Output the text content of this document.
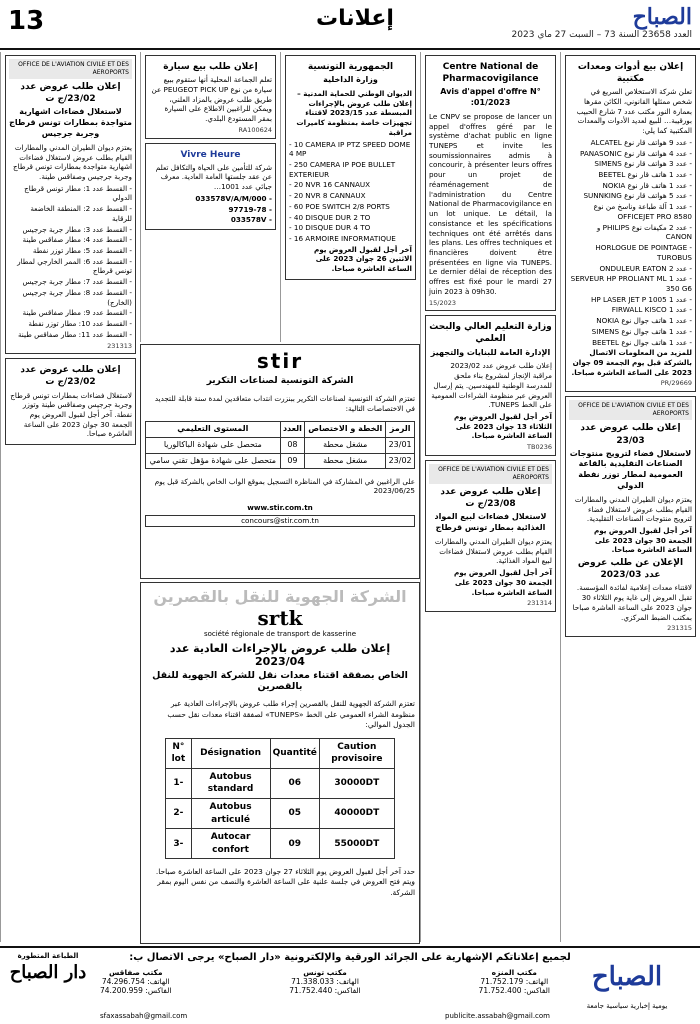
13	إعلانات	الصباح
العدد 23658 السنة 73 – السبت 27 ماي 2023
إعلان بيع أدوات ومعدات مكتبية

تعلن شركة الاستخلاص السريع في شخص ممثلها القانوني، الكائن مقرها بعمارة النور مكتب عدد 7 شارع الحبيب بورقيبة… للبيع لعديد الأدوات والمعدات المكتبية كما يلي:

- عدد 9 هواتف قار نوع ALCATEL
- عدد 4 هواتف قار نوع PANASONIC
- عدد 3 هواتف قار نوع SIMENS
- عدد 1 هاتف قار نوع BEETEL
- عدد 1 هاتف قار نوع NOKIA
- عدد 5 هواتف قار نوع SUNNKING
- عدد 1 آلة طباعة وناسخ من نوع OFFICEJET PRO 8580
- عدد 2 مكيفات نوع PHILIPS و CANON
- HORLOGUE DE POINTAGE TUROBUS
- عدد 2 ONDULEUR EATON
- عدد 1 SERVEUR HP PROLIANT ML 350 G6
- عدد 1 HP LASER JET P 1005
- عدد 1 FIRWALL KISCO
- عدد 1 هاتف جوال نوع NOKIA
- عدد 1 هاتف جوال نوع SIMENS
- عدد 1 هاتف جوال نوع BEETEL

للمزيد من المعلومات الاتصال بالشركة قبل يوم الجمعة 09 جوان 2023 على الساعة العاشرة صباحا.

PR/29669
OFFICE DE L'AVIATION CIVILE ET DES AEROPORTS
إعلان طلب عروض عدد 23/03
لاستغلال فضاء لترويج منتوجات الصناعات التقليدية بالقاعة العمومية لمطار توزر نفطة الدولي

يعتزم ديوان الطيران المدني والمطارات القيام بطلب عروض لاستغلال فضاء لترويج منتوجات الصناعات التقليدية.

آخر أجل لقبول العروض يوم الجمعة 30 جوان 2023 على الساعة العاشرة صباحا.

الإعلان عن طلب عروض عدد 2023/03

لاقتناء معدات إعلامية لفائدة المؤسسة. تقبل العروض إلى غاية يوم الثلاثاء 30 جوان 2023 على الساعة العاشرة صباحا بمكتب الضبط المركزي.

231315
Centre National de Pharmacovigilance
Avis d'appel d'offre N° :01/2023

Le CNPV se propose de lancer un appel d'offres géré par le système d'achat public en ligne TUNEPS et invite les soumissionnaires admis à concourir, à présenter leurs offres pour un projet de réaménagement de l'administration du Centre National de Pharmacovigilance en un lot unique. Le détail, la consistance et les spécifications techniques ont été arrêtés dans les plans. Les offres techniques et financières doivent être présentées en ligne via TUNEPS. Le dernier délai de réception des offres est fixé pour le mardi 27 juin 2023 à 09h30.

15/2023
وزارة التعليم العالي والبحث العلمي
الإدارة العامة للبنايات والتجهيز

إعلان طلب عروض عدد 2023/02 مراقبة الإنجاز لمشروع بناء ملحق للمدرسة الوطنية للمهندسين. يتم إرسال العروض عبر منظومة الشراءات العمومية على الخط TUNEPS.

آخر أجل لقبول العروض يوم الثلاثاء 13 جوان 2023 على الساعة العاشرة صباحا.

TB0236
OFFICE DE L'AVIATION CIVILE ET DES AEROPORTS
إعلان طلب عروض عدد 23/08/ج ت
لاستغلال فضاءات لبيع المواد الغذائية بمطار تونس قرطاج

يعتزم ديوان الطيران المدني والمطارات القيام بطلب عروض لاستغلال فضاءات لبيع المواد الغذائية.

آخر أجل لقبول العروض يوم الجمعة 30 جوان 2023 على الساعة العاشرة صباحا.

231314
الجمهورية التونسية
وزارة الداخلية

الديوان الوطني للحماية المدنية – إعلان طلب عروض بالإجراءات المبسطة عدد 2023/15 لاقتناء تجهيزات خاصة بمنظومة كاميرات مراقبة

- 10 CAMERA IP PTZ SPEED DOME 4 MP
- 250 CAMERA IP POE BULLET EXTERIEUR
- 20 NVR 16 CANNAUX
- 20 NVR 8 CANNAUX
- 60 POE SWITCH 2/8 PORTS
- 40 DISQUE DUR 2 TO
- 10 DISQUE DUR 4 TO
- 16 ARMOIRE INFORMATIQUE

آخر أجل لقبول العروض يوم الاثنين 26 جوان 2023 على الساعة العاشرة صباحا.

إعلان طلب بيع سيارة

تعلم الجماعة المحلية أنها ستقوم ببيع سيارة من نوع PEUGEOT PICK UP عن طريق طلب عروض بالمزاد العلني، ويمكن للراغبين الاطلاع على السيارة بمقر المستودع البلدي.

RA100624
Vivre Heure

شركة للتأمين على الحياة والتكافل تعلم عن عقد جلستها العامة العادية. معرف جبائي عدد 1001…

- 033578V/A/M/000
- 97719-78
- 033578V
stir
الشركة التونسية لصناعات التكرير

تعتزم الشركة التونسية لصناعات التكرير ببنزرت انتداب متعاقدين لمدة سنة قابلة للتجديد في الاختصاصات التالية:

الرمز	الخطة و الاختصاص	العدد	المستوى التعليمي
23/01	مشغل محطة	08	متحصل على شهادة الباكالوريا
23/02	مشغل محطة	09	متحصل على شهادة مؤهل تقني سامي

على الراغبين في المشاركة في المناظرة التسجيل بموقع الواب الخاص بالشركة قبل يوم 2023/06/25

www.stir.com.tn
concours@stir.com.tn
الشركة الجهوية للنقل بالقصرين
srtk
société régionale de transport de kasserine
إعلان طلب عروض بالإجراءات العادية عدد 2023/04
الخاص بصفقة اقتناء معدات نقل للشركة الجهوية للنقل بالقصرين

تعتزم الشركة الجهوية للنقل بالقصرين إجراء طلب عروض بالإجراءات العادية عبر منظومة الشراء العمومي على الخط «TUNEPS» لصفقة اقتناء معدات نقل حسب الجدول الموالي:

N° lot	Désignation	Quantité	Caution provisoire
1-	Autobus standard	06	30000DT
2-	Autobus articulé	05	40000DT
3-	Autocar confort	09	55000DT

حدد آخر أجل لقبول العروض يوم الثلاثاء 27 جوان 2023 على الساعة العاشرة صباحا. ويتم فتح العروض في جلسة علنية على الساعة العاشرة والنصف من نفس اليوم بمقر الشركة.

OFFICE DE L'AVIATION CIVILE ET DES AEROPORTS
إعلان طلب عروض عدد 23/02/ج ت
لاستغلال فضاءات اشهارية متواجدة بمطارات تونس قرطاج وجربة جرجيس

يعتزم ديوان الطيران المدني والمطارات القيام بطلب عروض لاستغلال فضاءات اشهارية متواجدة بمطارات تونس قرطاج وجربة جرجيس وصفاقس طينة.

- القسط عدد 1: مطار تونس قرطاج الدولي
- القسط عدد 2: المنطقة الخاضعة للرقابة
- القسط عدد 3: مطار جربة جرجيس
- القسط عدد 4: مطار صفاقس طينة
- القسط عدد 5: مطار توزر نفطة
- القسط عدد 6: الممر الخارجي لمطار تونس قرطاج
- القسط عدد 7: مطار جربة جرجيس
- القسط عدد 8: مطار جربة جرجيس (الخارج)
- القسط عدد 9: مطار صفاقس طينة
- القسط عدد 10: مطار توزر نفطة
- القسط عدد 11: مطار صفاقس طينة
231313
إعلان طلب عروض عدد 23/02/ج ت

لاستغلال فضاءات بمطارات تونس قرطاج وجربة جرجيس وصفاقس طينة وتوزر نفطة. آخر أجل لقبول العروض يوم الجمعة 30 جوان 2023 على الساعة العاشرة صباحا.

لجميع إعلاناتكم الإشهارية على الجرائد الورقية والإلكترونية «دار الصباح» يرجى الاتصال ب:
مكتب المنزه
الهاتف: 71.752.179
الفاكس: 71.752.400
مكتب تونس
الهاتف: 71.338.033
الفاكس: 71.752.440
مكتب صفاقس
الهاتف: 74.296.754
الفاكس: 74.200.959	الصباح
يومية إخبارية سياسية جامعة
الطباعة المتطورة
دار الصباح
sfaxassabah@gmail.com	publicite.assabah@gmail.com
